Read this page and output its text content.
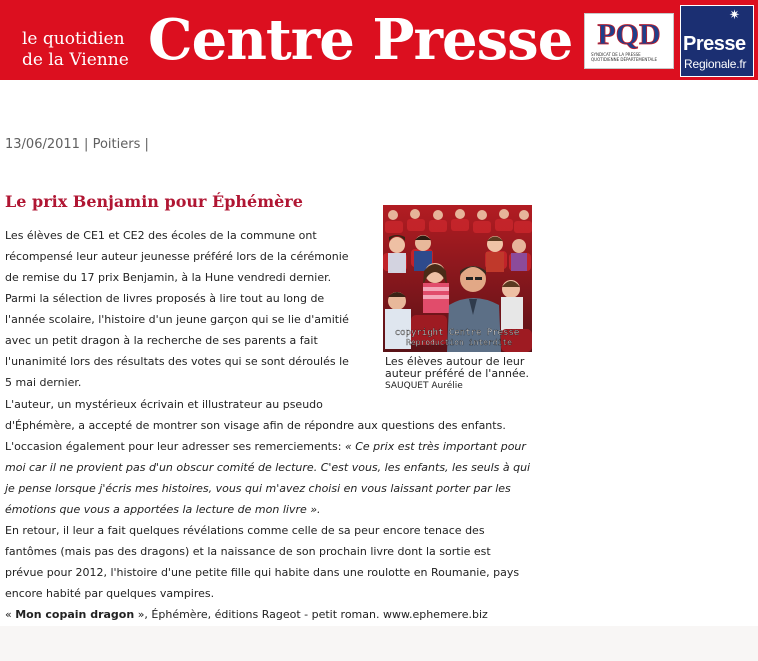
le quotidien
de la Vienne Centre Presse PQD
SYNDICAT DE LA PRESSE QUOTIDIENNE DÉPARTEMENTALE
✷
Presse
Regionale.fr
13/06/2011 | Poitiers |
Le prix Benjamin pour Éphémère
copyright Centre Presse
Reproduction interdite
Les élèves autour de leur auteur préféré de l'année.
SAUQUET Aurélie
Les élèves de CE1 et CE2 des écoles de la commune ont
récompensé leur auteur jeunesse préféré lors de la cérémonie
de remise du 17 prix Benjamin, à la Hune vendredi dernier.
Parmi la sélection de livres proposés à lire tout au long de
l'année scolaire, l'histoire d'un jeune garçon qui se lie d'amitié
avec un petit dragon à la recherche de ses parents a fait
l'unanimité lors des résultats des votes qui se sont déroulés le
5 mai dernier.
L'auteur, un mystérieux écrivain et illustrateur au pseudo
d'Éphémère, a accepté de montrer son visage afin de répondre aux questions des enfants.
L'occasion également pour leur adresser ses remerciements: « Ce prix est très important pour
moi car il ne provient pas d'un obscur comité de lecture. C'est vous, les enfants, les seuls à qui
je pense lorsque j'écris mes histoires, vous qui m'avez choisi en vous laissant porter par les
émotions que vous a apportées la lecture de mon livre ».
En retour, il leur a fait quelques révélations comme celle de sa peur encore tenace des
fantômes (mais pas des dragons) et la naissance de son prochain livre dont la sortie est
prévue pour 2012, l'histoire d'une petite fille qui habite dans une roulotte en Roumanie, pays
encore habité par quelques vampires.
« Mon copain dragon », Éphémère, éditions Rageot - petit roman. www.ephemere.biz
